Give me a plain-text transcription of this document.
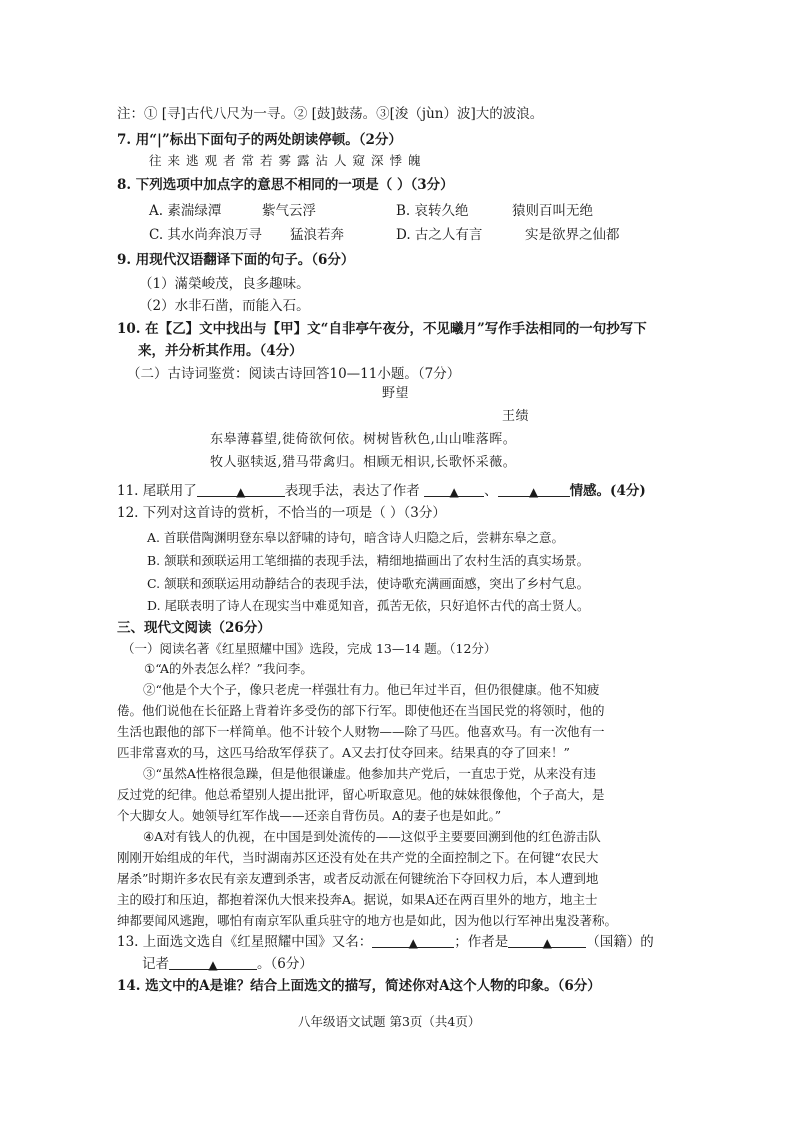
注：① [寻]古代八尺为一寻。② [鼓]鼓荡。③[浚（jùn）波]大的波浪。
7. 用“|”标出下面句子的两处朗读停顿。（2分）
往来逃观者常若雾露沾人窥深悸魄
8. 下列选项中加点字的意思不相同的一项是（ ）（3分）
A. 素湍绿潭	紫气云浮	B. 哀转久绝	猿则百叫无绝
C. 其水尚奔浪万寻 猛浪若奔	D. 古之人有言	实是欲界之仙都
9. 用现代汉语翻译下面的句子。（6分）
（1）滿榮峻茂，良多趣味。
（2）水非石凿，而能入石。
10. 在【乙】文中找出与【甲】文“自非亭午夜分，不见曦月”写作手法相同的一句抄写下
来，并分析其作用。（4分）
（二）古诗词鉴赏：阅读古诗回答10—11小题。（7分）
野望
王绩
东皋薄暮望,徙倚欲何依。树树皆秋色,山山唯落晖。
牧人驱犊返,猎马带禽归。相顾无相识,长歌怀采薇。
11. 尾联用了	▲	表现手法，表达了作者 ▲ 、	▲ 情感。(4分)
12. 下列对这首诗的赏析，不恰当的一项是（ ）（3分）
A. 首联借陶渊明登东皋以舒啸的诗句，暗含诗人归隐之后，尝耕东皋之意。
B. 颔联和颈联运用工笔细描的表现手法，精细地描画出了农村生活的真实场景。
C. 颔联和颈联运用动静结合的表现手法，使诗歌充满画面感，突出了乡村气息。
D. 尾联表明了诗人在现实当中难觅知音，孤苦无依，只好追怀古代的高士贤人。
三、现代文阅读（26分）
（一）阅读名著《红星照耀中国》选段，完成 13—14 题。（12分）
①“A的外表怎么样？”我问李。
②“他是个大个子，像只老虎一样强壮有力。他已年过半百，但仍很健康。他不知疲
倦。他们说他在长征路上背着许多受伤的部下行军。即使他还在当国民党的将领时，他的
生活也跟他的部下一样简单。他不计较个人财物——除了马匹。他喜欢马。有一次他有一
匹非常喜欢的马，这匹马给敌军俘获了。A又去打仗夺回来。结果真的夺了回来！”
③“虽然A性格很急躁，但是他很谦虚。他参加共产党后，一直忠于党，从来没有违
反过党的纪律。他总希望别人提出批评，留心听取意见。他的妹妹很像他，个子高大，是
个大脚女人。她领导红军作战——还亲自背伤员。A的妻子也是如此。”
④A对有钱人的仇视，在中国是到处流传的——这似乎主要要回溯到他的红色游击队
刚刚开始组成的年代，当时湖南苏区还没有处在共产党的全面控制之下。在何键“农民大
屠杀”时期许多农民有亲友遭到杀害，或者反动派在何键统治下夺回权力后，本人遭到地
主的殴打和压迫，都抱着深仇大恨来投奔A。据说，如果A还在两百里外的地方，地主士
绅都要闻风逃跑，哪怕有南京军队重兵驻守的地方也是如此，因为他以行军神出鬼没著称。
13. 上面选文选自《红星照耀中国》又名：	▲	；作者是	▲	（国籍）的
记者	▲	。（6分）
14. 选文中的A是谁？结合上面选文的描写，简述你对A这个人物的印象。（6分）
八年级语文试题 第3页（共4页）
